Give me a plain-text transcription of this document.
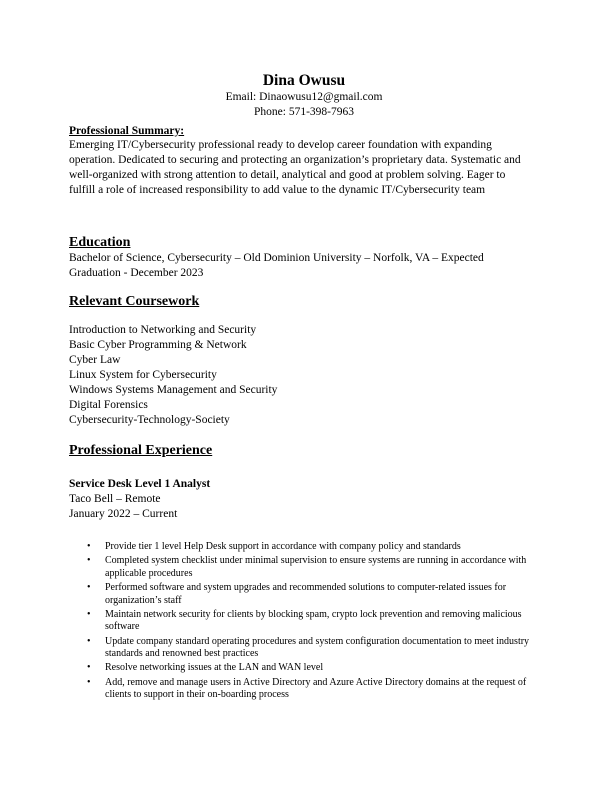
Dina Owusu
Email: Dinaowusu12@gmail.com
Phone: 571-398-7963
Professional Summary:

Emerging IT/Cybersecurity professional ready to develop career foundation with expanding operation. Dedicated to securing and protecting an organization’s proprietary data. Systematic and well-organized with strong attention to detail, analytical and good at problem solving. Eager to fulfill a role of increased responsibility to add value to the dynamic IT/Cybersecurity team

Education

Bachelor of Science, Cybersecurity – Old Dominion University – Norfolk, VA – Expected Graduation - December 2023

Relevant Coursework
Introduction to Networking and Security
Basic Cyber Programming & Network
Cyber Law
Linux System for Cybersecurity
Windows Systems Management and Security
Digital Forensics
Cybersecurity-Technology-Society
Professional Experience
Service Desk Level 1 Analyst
Taco Bell – Remote
January 2022 – Current
• Provide tier 1 level Help Desk support in accordance with company policy and standards
• Completed system checklist under minimal supervision to ensure systems are running in accordance with applicable procedures
• Performed software and system upgrades and recommended solutions to computer-related issues for organization’s staff
• Maintain network security for clients by blocking spam, crypto lock prevention and removing malicious software
• Update company standard operating procedures and system configuration documentation to meet industry standards and renowned best practices
• Resolve networking issues at the LAN and WAN level
• Add, remove and manage users in Active Directory and Azure Active Directory domains at the request of clients to support in their on-boarding process
